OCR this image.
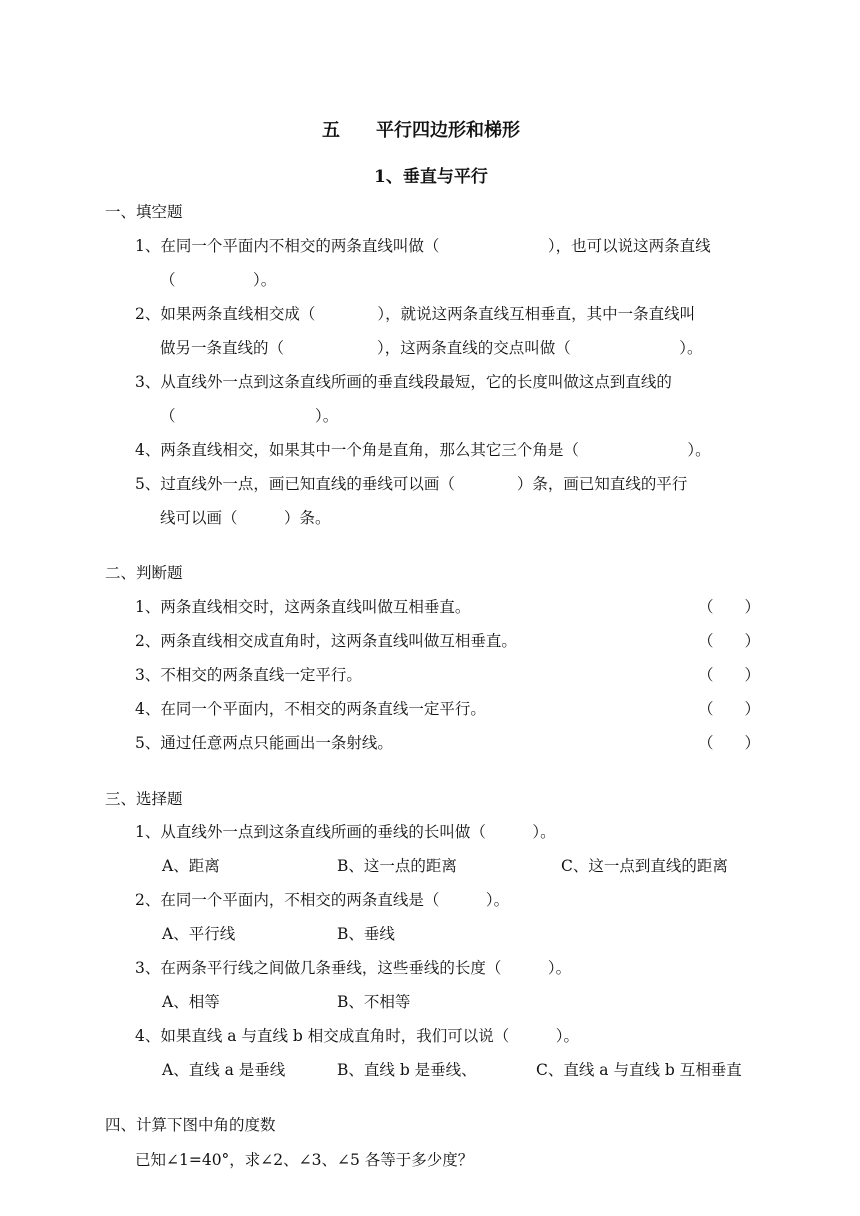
五　　平行四边形和梯形
1、垂直与平行
一、填空题
1、在同一个平面内不相交的两条直线叫做（　　　　　　　），也可以说这两条直线
（　　　　　）。
2、如果两条直线相交成（　　　　），就说这两条直线互相垂直，其中一条直线叫
做另一条直线的（　　　　　　），这两条直线的交点叫做（　　　　　　　）。
3、从直线外一点到这条直线所画的垂直线段最短，它的长度叫做这点到直线的
（　　　　　　　　　）。
4、两条直线相交，如果其中一个角是直角，那么其它三个角是（　　　　　　　）。
5、过直线外一点，画已知直线的垂线可以画（　　　　）条，画已知直线的平行
线可以画（　　　）条。
二、判断题
1、两条直线相交时，这两条直线叫做互相垂直。	（　　）
2、两条直线相交成直角时，这两条直线叫做互相垂直。	（　　）
3、不相交的两条直线一定平行。	（　　）
4、在同一个平面内，不相交的两条直线一定平行。	（　　）
5、通过任意两点只能画出一条射线。	（　　）
三、选择题
1、从直线外一点到这条直线所画的垂线的长叫做（　　　）。
A、距离	B、这一点的距离	C、这一点到直线的距离
2、在同一个平面内，不相交的两条直线是（　　　）。
A、平行线	B、垂线
3、在两条平行线之间做几条垂线，这些垂线的长度（　　　）。
A、相等	B、不相等
4、如果直线 a 与直线 b 相交成直角时，我们可以说（　　　）。
A、直线 a 是垂线	B、直线 b 是垂线、	C、直线 a 与直线 b 互相垂直
四、计算下图中角的度数
已知∠1=40°，求∠2、∠3、∠5 各等于多少度？
